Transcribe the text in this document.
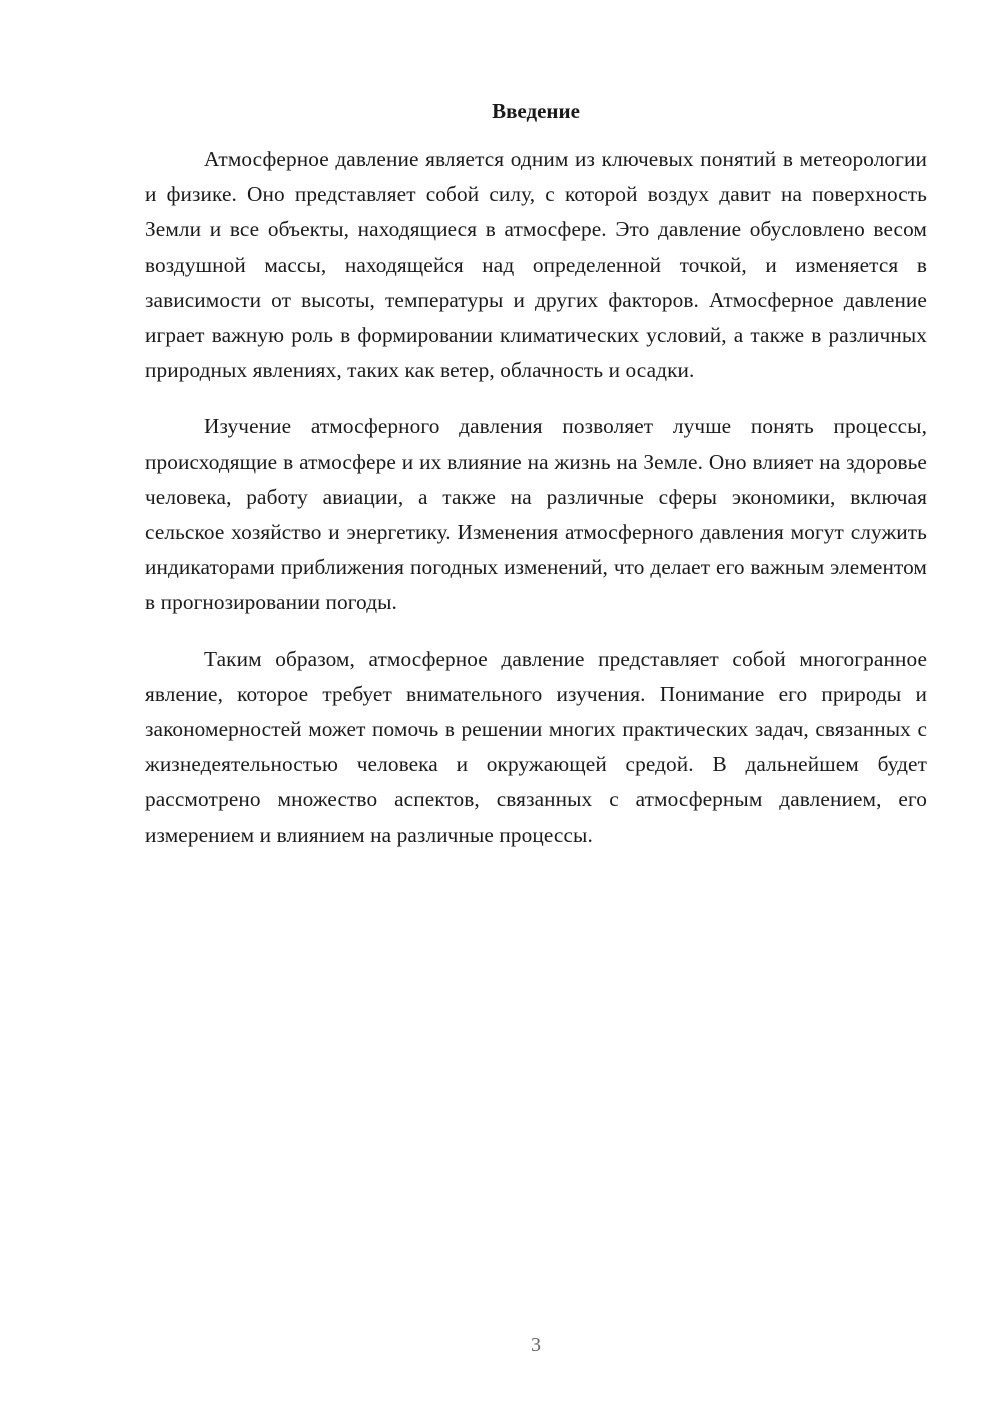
Введение

Атмосферное давление является одним из ключевых понятий в метеорологии и физике. Оно представляет собой силу, с которой воздух давит на поверхность Земли и все объекты, находящиеся в атмосфере. Это давление обусловлено весом воздушной массы, находящейся над определенной точкой, и изменяется в зависимости от высоты, температуры и других факторов. Атмосферное давление играет важную роль в формировании климатических условий, а также в различных природных явлениях, таких как ветер, облачность и осадки.

Изучение атмосферного давления позволяет лучше понять процессы, происходящие в атмосфере и их влияние на жизнь на Земле. Оно влияет на здоровье человека, работу авиации, а также на различные сферы экономики, включая сельское хозяйство и энергетику. Изменения атмосферного давления могут служить индикаторами приближения погодных изменений, что делает его важным элементом в прогнозировании погоды.

Таким образом, атмосферное давление представляет собой многогранное явление, которое требует внимательного изучения. Понимание его природы и закономерностей может помочь в решении многих практических задач, связанных с жизнедеятельностью человека и окружающей средой. В дальнейшем будет рассмотрено множество аспектов, связанных с атмосферным давлением, его измерением и влиянием на различные процессы.

3
